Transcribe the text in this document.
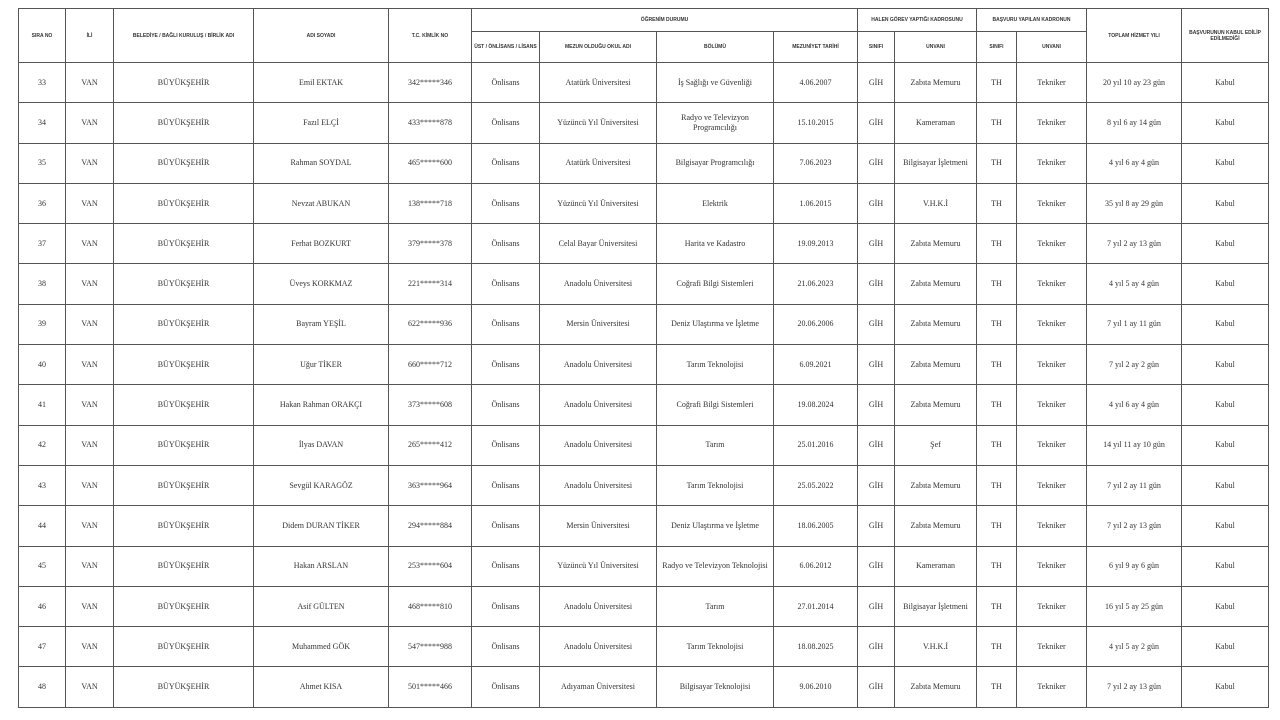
SIRA NO	İLİ	BELEDİYE / BAĞLI KURULUŞ / BİRLİK ADI	ADI SOYADI	T.C. KİMLİK NO	ÖĞRENİM DURUMU				HALEN GÖREV YAPTIĞI KADROSUNU		BAŞVURU YAPILAN KADRONUN		TOPLAM HİZMET YILI	BAŞVURUNUN KABUL EDİLİP EDİLMEDİĞİ
					ÜST / ÖNLİSANS / LİSANS	MEZUN OLDUĞU OKUL ADI	BÖLÜMÜ	MEZUNİYET TARİHİ	SINIFI	UNVANI	SINIFI	UNVANI		
33	VAN	BÜYÜKŞEHİR	Emil EKTAK	342*****346	Önlisans	Atatürk Üniversitesi	İş Sağlığı ve Güvenliği	4.06.2007	GİH	Zabıta Memuru	TH	Tekniker	20 yıl 10 ay 23 gün	Kabul
34	VAN	BÜYÜKŞEHİR	Fazıl ELÇİ	433*****878	Önlisans	Yüzüncü Yıl Üniversitesi	Radyo ve Televizyon Programcılığı	15.10.2015	GİH	Kameraman	TH	Tekniker	8 yıl 6 ay 14 gün	Kabul
35	VAN	BÜYÜKŞEHİR	Rahman SOYDAL	465*****600	Önlisans	Atatürk Üniversitesi	Bilgisayar Programcılığı	7.06.2023	GİH	Bilgisayar İşletmeni	TH	Tekniker	4 yıl 6 ay 4 gün	Kabul
36	VAN	BÜYÜKŞEHİR	Nevzat ABUKAN	138*****718	Önlisans	Yüzüncü Yıl Üniversitesi	Elektrik	1.06.2015	GİH	V.H.K.İ	TH	Tekniker	35 yıl 8 ay 29 gün	Kabul
37	VAN	BÜYÜKŞEHİR	Ferhat BOZKURT	379*****378	Önlisans	Celal Bayar Üniversitesi	Harita ve Kadastro	19.09.2013	GİH	Zabıta Memuru	TH	Tekniker	7 yıl 2 ay 13 gün	Kabul
38	VAN	BÜYÜKŞEHİR	Üveys KORKMAZ	221*****314	Önlisans	Anadolu Üniversitesi	Coğrafi Bilgi Sistemleri	21.06.2023	GİH	Zabıta Memuru	TH	Tekniker	4 yıl 5 ay 4 gün	Kabul
39	VAN	BÜYÜKŞEHİR	Bayram YEŞİL	622*****936	Önlisans	Mersin Üniversitesi	Deniz Ulaştırma ve İşletme	20.06.2006	GİH	Zabıta Memuru	TH	Tekniker	7 yıl 1 ay 11 gün	Kabul
40	VAN	BÜYÜKŞEHİR	Uğur TİKER	660*****712	Önlisans	Anadolu Üniversitesi	Tarım Teknolojisi	6.09.2021	GİH	Zabıta Memuru	TH	Tekniker	7 yıl 2 ay 2 gün	Kabul
41	VAN	BÜYÜKŞEHİR	Hakan Rahman ORAKÇI	373*****608	Önlisans	Anadolu Üniversitesi	Coğrafi Bilgi Sistemleri	19.08.2024	GİH	Zabıta Memuru	TH	Tekniker	4 yıl 6 ay 4 gün	Kabul
42	VAN	BÜYÜKŞEHİR	İlyas DAVAN	265*****412	Önlisans	Anadolu Üniversitesi	Tarım	25.01.2016	GİH	Şef	TH	Tekniker	14 yıl 11 ay 10 gün	Kabul
43	VAN	BÜYÜKŞEHİR	Sevgül KARAGÖZ	363*****964	Önlisans	Anadolu Üniversitesi	Tarım Teknolojisi	25.05.2022	GİH	Zabıta Memuru	TH	Tekniker	7 yıl 2 ay 11 gün	Kabul
44	VAN	BÜYÜKŞEHİR	Didem DURAN TİKER	294*****884	Önlisans	Mersin Üniversitesi	Deniz Ulaştırma ve İşletme	18.06.2005	GİH	Zabıta Memuru	TH	Tekniker	7 yıl 2 ay 13 gün	Kabul
45	VAN	BÜYÜKŞEHİR	Hakan ARSLAN	253*****604	Önlisans	Yüzüncü Yıl Üniversitesi	Radyo ve Televizyon Teknolojisi	6.06.2012	GİH	Kameraman	TH	Tekniker	6 yıl 9 ay 6 gün	Kabul
46	VAN	BÜYÜKŞEHİR	Asif GÜLTEN	468*****810	Önlisans	Anadolu Üniversitesi	Tarım	27.01.2014	GİH	Bilgisayar İşletmeni	TH	Tekniker	16 yıl 5 ay 25 gün	Kabul
47	VAN	BÜYÜKŞEHİR	Muhammed GÖK	547*****988	Önlisans	Anadolu Üniversitesi	Tarım Teknolojisi	18.08.2025	GİH	V.H.K.İ	TH	Tekniker	4 yıl 5 ay 2 gün	Kabul
48	VAN	BÜYÜKŞEHİR	Ahmet KISA	501*****466	Önlisans	Adıyaman Üniversitesi	Bilgisayar Teknolojisi	9.06.2010	GİH	Zabıta Memuru	TH	Tekniker	7 yıl 2 ay 13 gün	Kabul
